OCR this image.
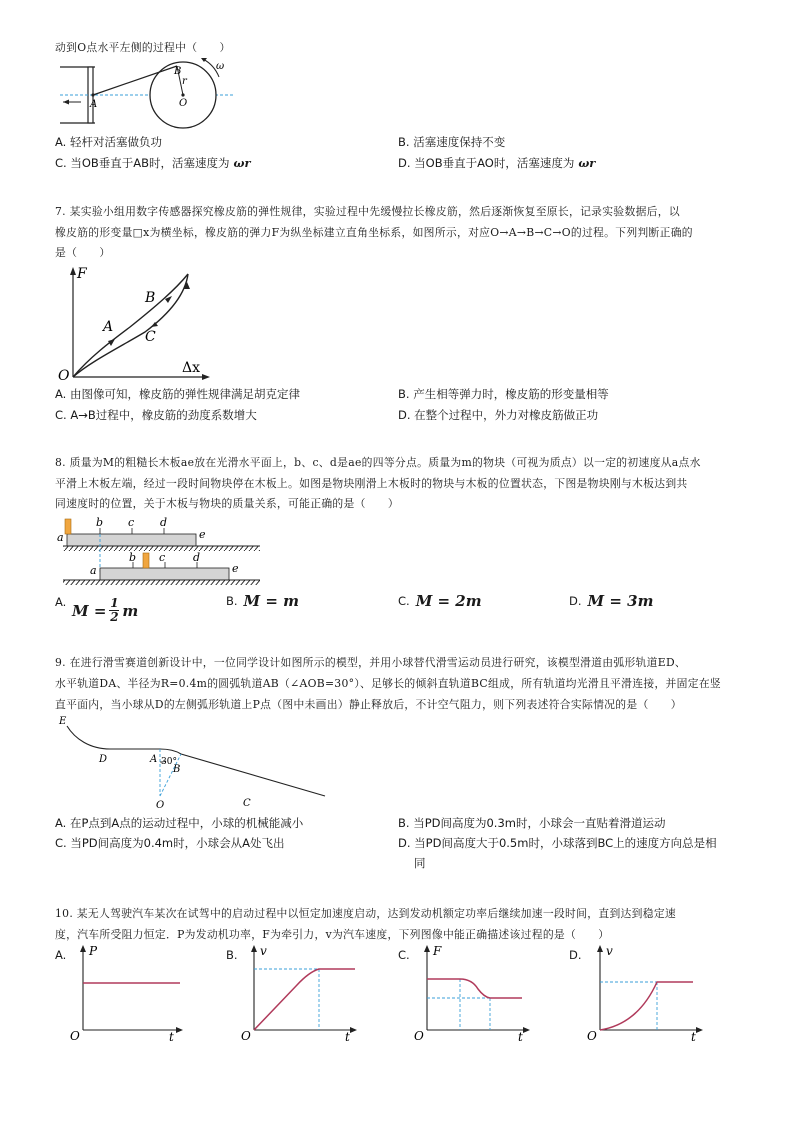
动到O点水平左侧的过程中（　　）
B
r
A	O
ω
A. 轻杆对活塞做负功	B. 活塞速度保持不变
C. 当OB垂直于AB时，活塞速度为 ωr	D. 当OB垂直于AO时，活塞速度为 ωr
7. 某实验小组用数字传感器探究橡皮筋的弹性规律，实验过程中先缓慢拉长橡皮筋，然后逐渐恢复至原长，记录实验数据后，以
橡皮筋的形变量□x为横坐标，橡皮筋的弹力F为纵坐标建立直角坐标系，如图所示，对应O→A→B→C→O的过程。下列判断正确的
是（　　）
F
B
A
C
O	Δx
A. 由图像可知，橡皮筋的弹性规律满足胡克定律	B. 产生相等弹力时，橡皮筋的形变量相等
C. A→B过程中，橡皮筋的劲度系数增大	D. 在整个过程中，外力对橡皮筋做正功
8. 质量为M的粗糙长木板ae放在光滑水平面上，b、c、d是ae的四等分点。质量为m的物块（可视为质点）以一定的初速度从a点水
平滑上木板左端，经过一段时间物块停在木板上。如图是物块刚滑上木板时的物块与木板的位置状态，下图是物块刚与木板达到共
同速度时的位置，关于木板与物块的质量关系，可能正确的是（　　）
a
b c d
e
a
b c	d
e
A. M = 1
2 m
B. M = m	C. M = 2m	D. M = 3m
9. 在进行滑雪赛道创新设计中，一位同学设计如图所示的模型，并用小球替代滑雪运动员进行研究，该模型滑道由弧形轨道ED、
水平轨道DA、半径为R=0.4m的圆弧轨道AB（∠AOB=30°）、足够长的倾斜直轨道BC组成，所有轨道均光滑且平滑连接，并固定在竖
直平面内，当小球从D的左侧弧形轨道上P点（图中未画出）静止释放后，不计空气阻力，则下列表述符合实际情况的是（　　）
E
D	A 30°
B
O	C
A. 在P点到A点的运动过程中，小球的机械能减小	B. 当PD间高度为0.3m时，小球会一直贴着滑道运动
C. 当PD间高度为0.4m时，小球会从A处飞出	D. 当PD间高度大于0.5m时，小球落到BC上的速度方向总是相
同
10. 某无人驾驶汽车某次在试驾中的启动过程中以恒定加速度启动，达到发动机额定功率后继续加速一段时间，直到达到稳定速
度，汽车所受阻力恒定．P为发动机功率，F为牵引力，v为汽车速度，下列图像中能正确描述该过程的是（　　）
A. P
O	t
B. v
O	t
C. F
O	t
D. v
O	t
